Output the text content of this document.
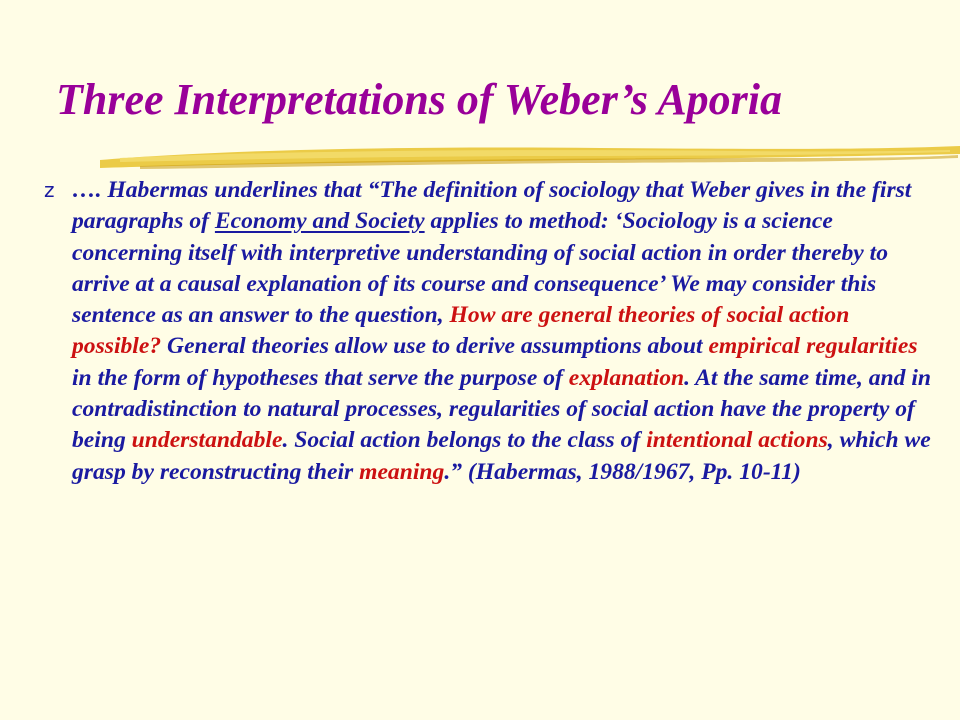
Three Interpretations of Weber’s Aporia
z …. Habermas underlines that “The definition of sociology that Weber gives in the first paragraphs of Economy and Society applies to method: ‘Sociology is a science concerning itself with interpretive understanding of social action in order thereby to arrive at a causal explanation of its course and consequence’ We may consider this sentence as an answer to the question, How are general theories of social action possible? General theories allow use to derive assumptions about empirical regularities in the form of hypotheses that serve the purpose of explanation. At the same time, and in contradistinction to natural processes, regularities of social action have the property of being understandable. Social action belongs to the class of intentional actions, which we grasp by reconstructing their meaning.” (Habermas, 1988/1967, Pp. 10-11)
